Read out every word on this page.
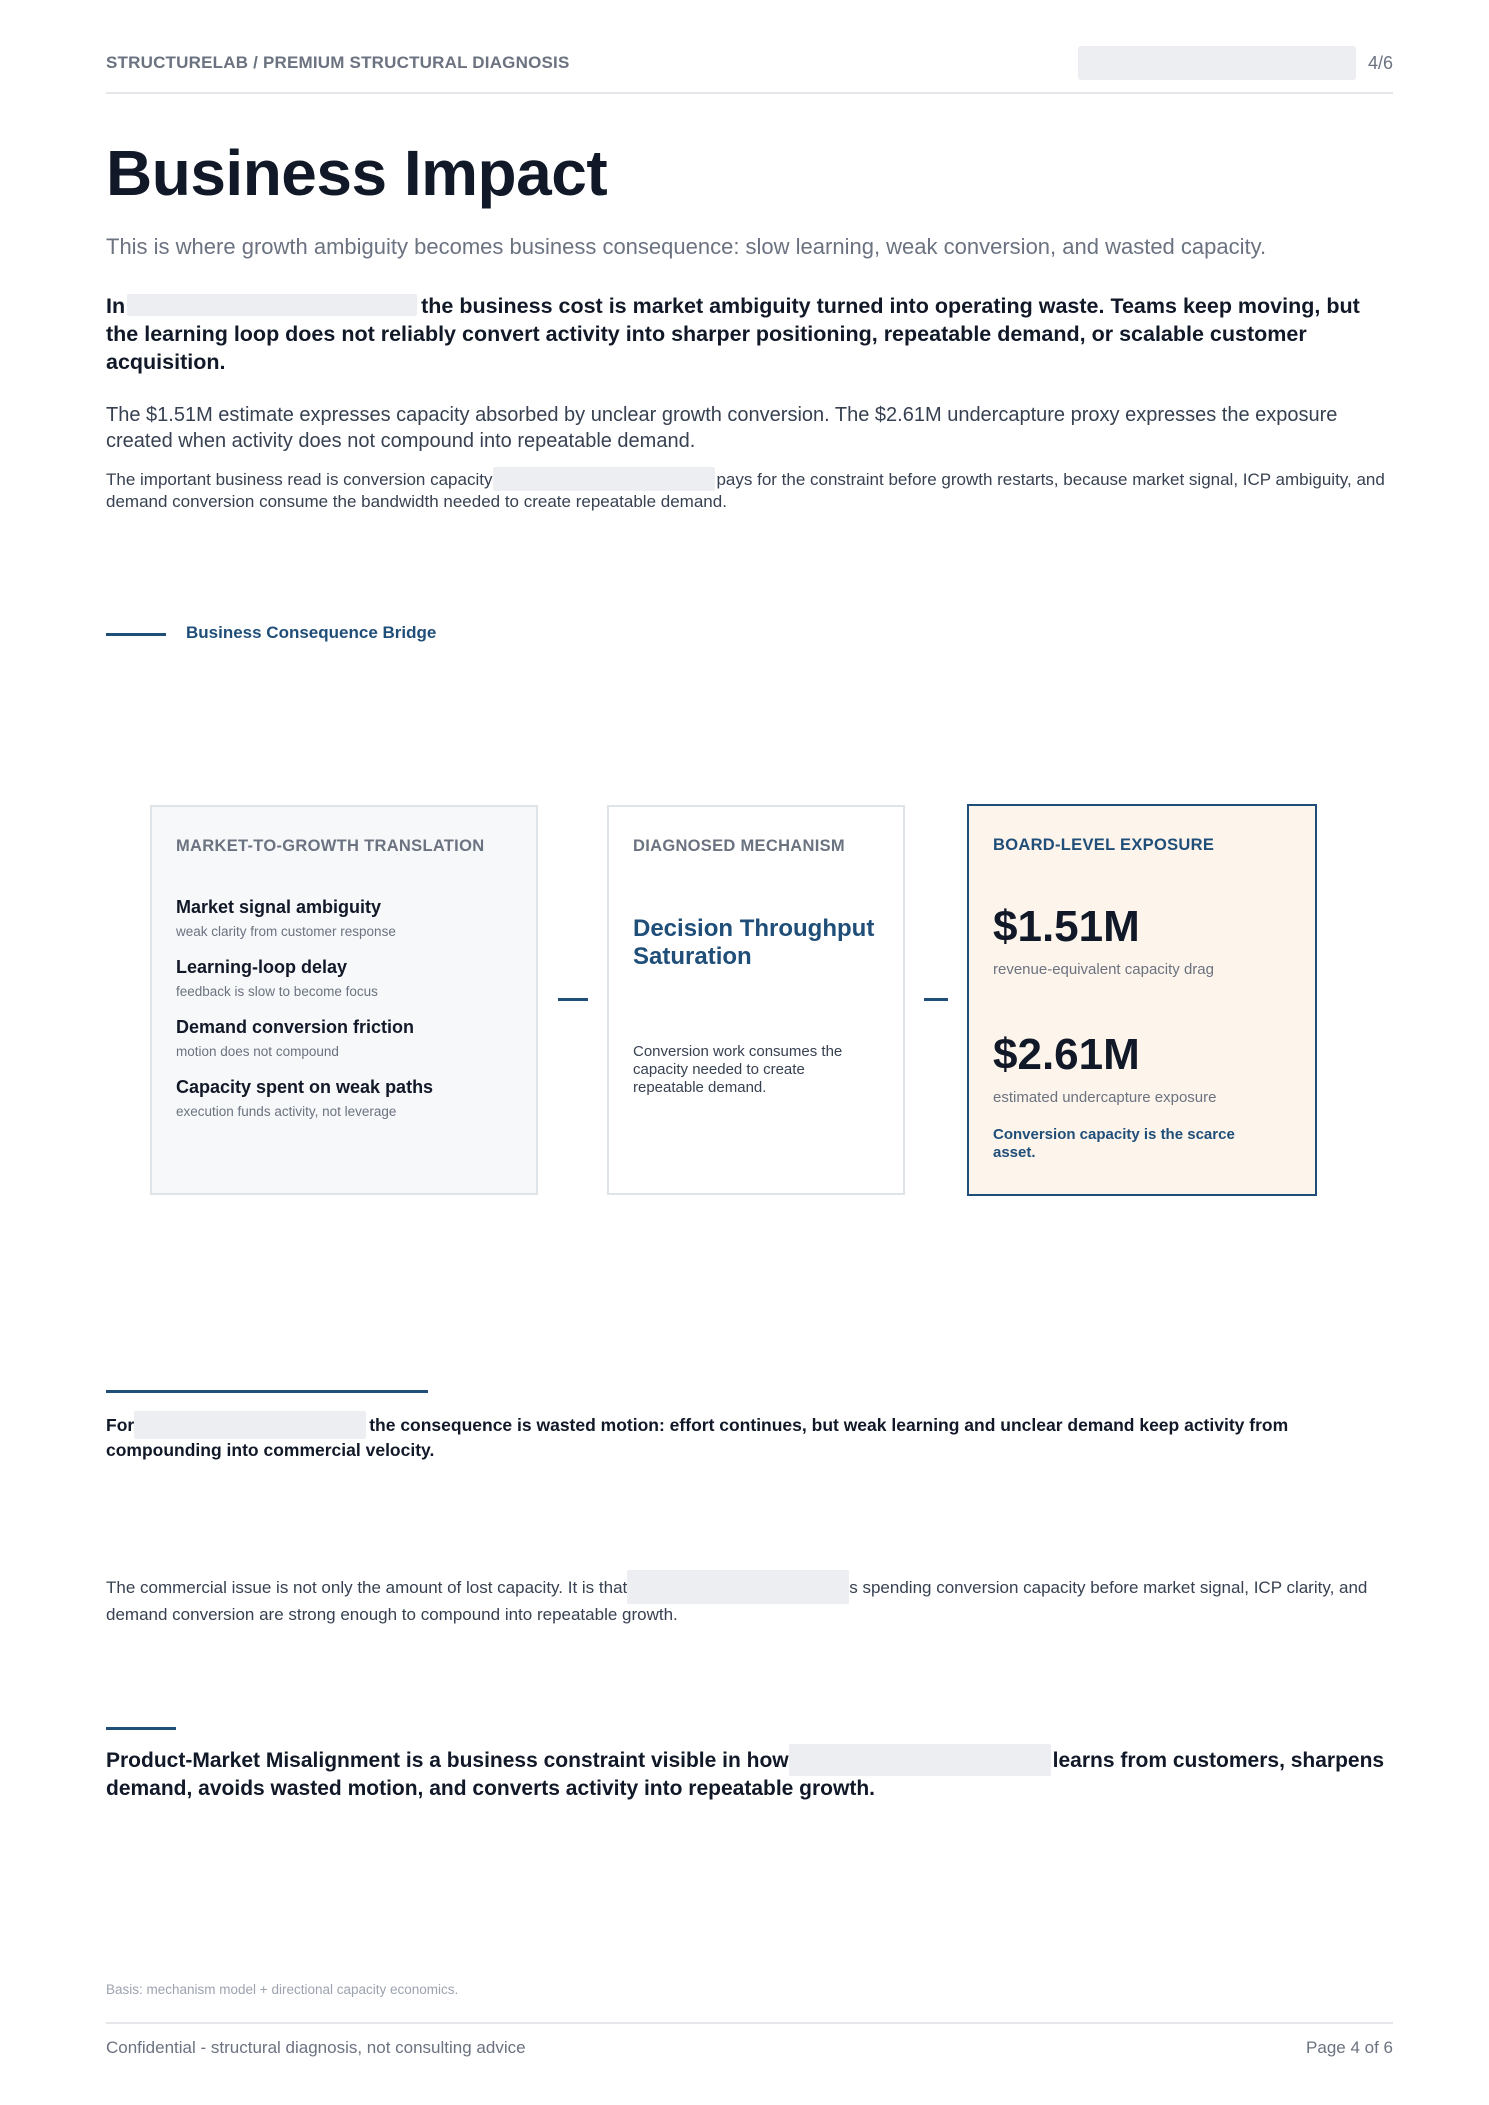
STRUCTURELAB / PREMIUM STRUCTURAL DIAGNOSIS	4/6
Business Impact
This is where growth ambiguity becomes business consequence: slow learning, weak conversion, and wasted capacity.
In	the business cost is market ambiguity turned into operating waste. Teams keep moving, but the learning loop does not reliably convert activity into sharper positioning, repeatable demand, or scalable customer acquisition.
The $1.51M estimate expresses capacity absorbed by unclear growth conversion. The $2.61M undercapture proxy expresses the exposure created when activity does not compound into repeatable demand.
The important business read is conversion capacity	pays for the constraint before growth restarts, because market signal, ICP ambiguity, and demand conversion consume the bandwidth needed to create repeatable demand.
Business Consequence Bridge
MARKET-TO-GROWTH TRANSLATION
Market signal ambiguity
weak clarity from customer response
Learning-loop delay
feedback is slow to become focus
Demand conversion friction
motion does not compound
Capacity spent on weak paths
execution funds activity, not leverage
DIAGNOSED MECHANISM
Decision Throughput Saturation
Conversion work consumes the capacity needed to create repeatable demand.
BOARD-LEVEL EXPOSURE
$1.51M
revenue-equivalent capacity drag
$2.61M
estimated undercapture exposure
Conversion capacity is the scarce asset.
For	the consequence is wasted motion: effort continues, but weak learning and unclear demand keep activity from compounding into commercial velocity.
The commercial issue is not only the amount of lost capacity. It is that	s spending conversion capacity before market signal, ICP clarity, and demand conversion are strong enough to compound into repeatable growth.
Product-Market Misalignment is a business constraint visible in how	learns from customers, sharpens demand, avoids wasted motion, and converts activity into repeatable growth.
Basis: mechanism model + directional capacity economics.
Confidential - structural diagnosis, not consulting advice	Page 4 of 6
